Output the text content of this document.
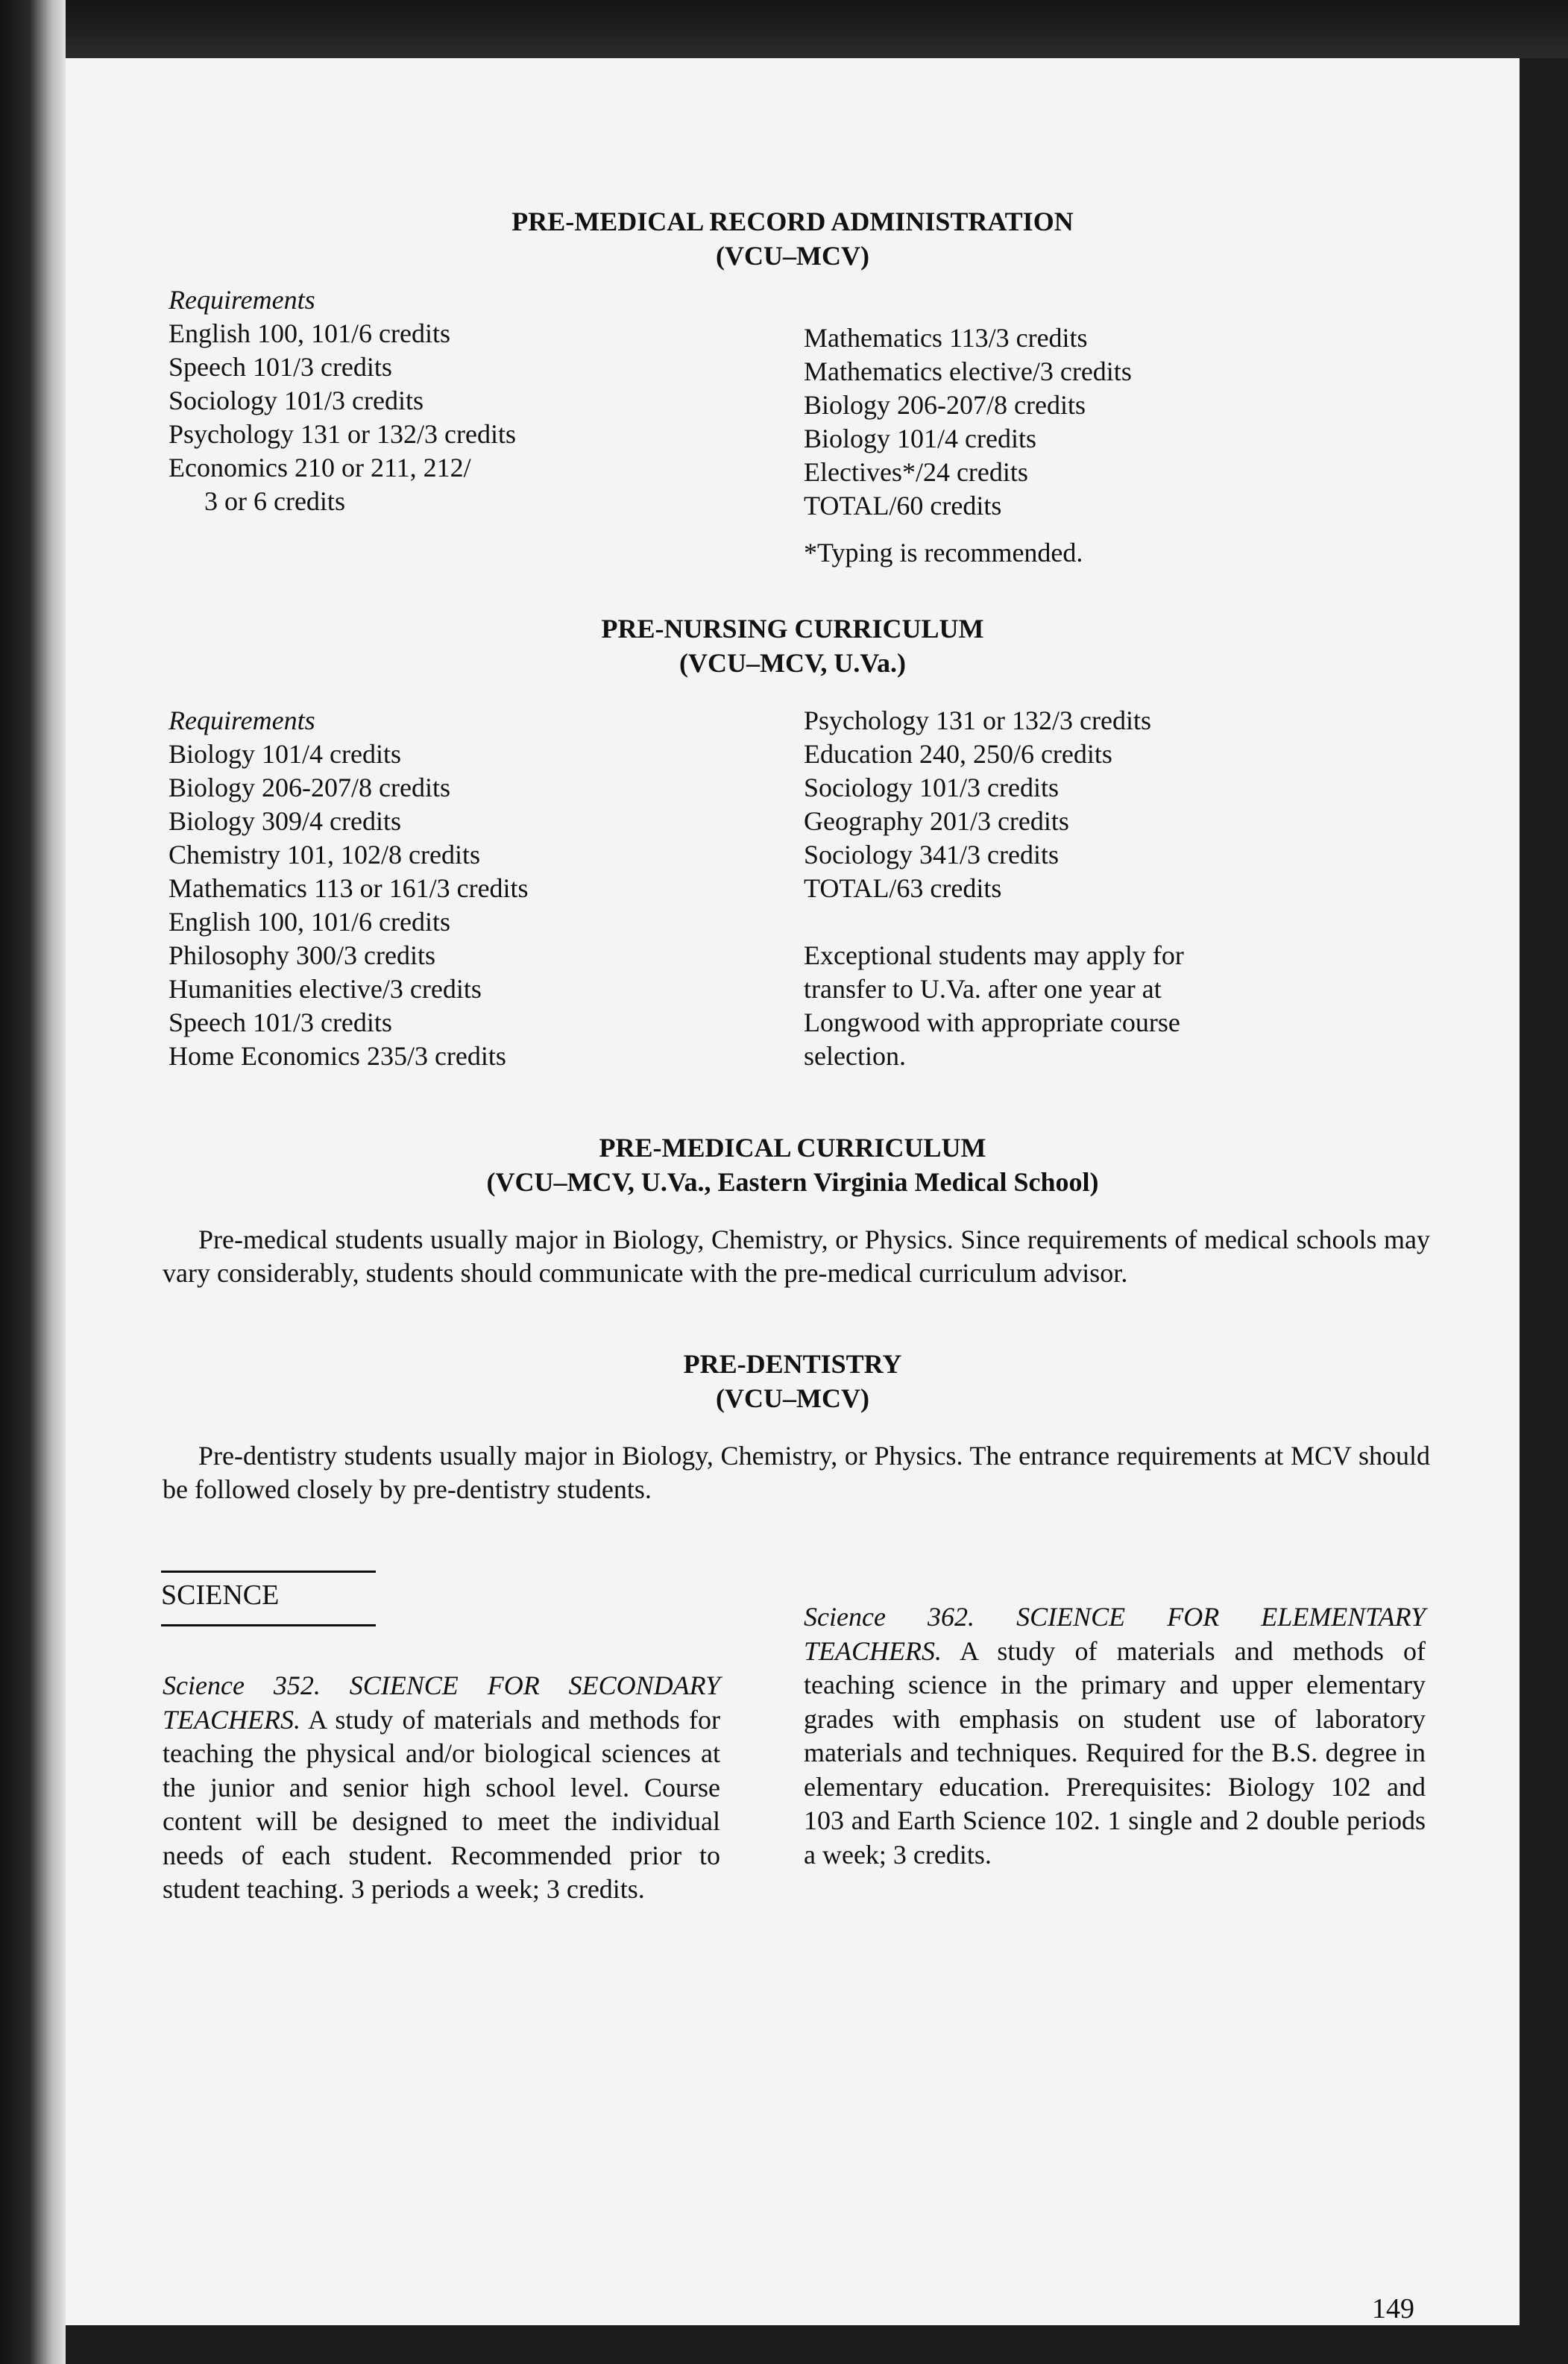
PRE-MEDICAL RECORD ADMINISTRATION
(VCU–MCV)
Requirements
English 100, 101/6 credits
Speech 101/3 credits
Sociology 101/3 credits
Psychology 131 or 132/3 credits
Economics 210 or 211, 212/
3 or 6 credits
Mathematics 113/3 credits
Mathematics elective/3 credits
Biology 206-207/8 credits
Biology 101/4 credits
Electives*/24 credits
TOTAL/60 credits
*Typing is recommended.
PRE-NURSING CURRICULUM
(VCU–MCV, U.Va.)
Requirements
Biology 101/4 credits
Biology 206-207/8 credits
Biology 309/4 credits
Chemistry 101, 102/8 credits
Mathematics 113 or 161/3 credits
English 100, 101/6 credits
Philosophy 300/3 credits
Humanities elective/3 credits
Speech 101/3 credits
Home Economics 235/3 credits
Psychology 131 or 132/3 credits
Education 240, 250/6 credits
Sociology 101/3 credits
Geography 201/3 credits
Sociology 341/3 credits
TOTAL/63 credits
Exceptional students may apply for
transfer to U.Va. after one year at
Longwood with appropriate course
selection.
PRE-MEDICAL CURRICULUM
(VCU–MCV, U.Va., Eastern Virginia Medical School)
Pre-medical students usually major in Biology, Chemistry, or Physics. Since requirements of medical schools may vary considerably, students should communicate with the pre-medical curriculum advisor.
PRE-DENTISTRY
(VCU–MCV)
Pre-dentistry students usually major in Biology, Chemistry, or Physics. The entrance requirements at MCV should be followed closely by pre-dentistry students.
SCIENCE
Science 352. SCIENCE FOR SECONDARY TEACHERS. A study of materials and methods for teaching the physical and/or biological sciences at the junior and senior high school level. Course content will be designed to meet the individual needs of each student. Recommended prior to student teaching. 3 periods a week; 3 credits.
Science 362. SCIENCE FOR ELEMENTARY TEACHERS. A study of materials and methods of teaching science in the primary and upper elementary grades with emphasis on student use of laboratory materials and techniques. Required for the B.S. degree in elementary education. Prerequisites: Biology 102 and 103 and Earth Science 102. 1 single and 2 double periods a week; 3 credits.
149
